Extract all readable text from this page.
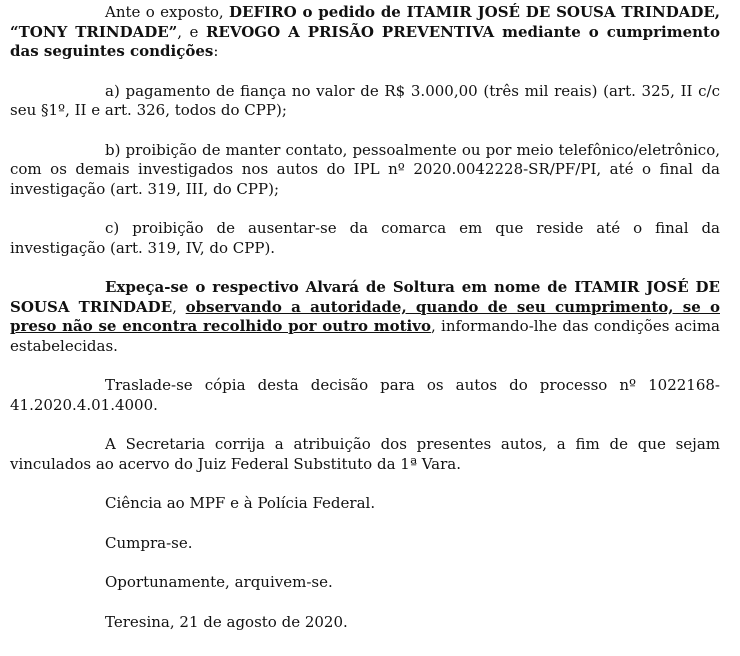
Ante o exposto, DEFIRO o pedido de ITAMIR JOSÉ DE SOUSA TRINDADE, “TONY TRINDADE”, e REVOGO A PRISÃO PREVENTIVA mediante o cumprimento das seguintes condições:

a) pagamento de fiança no valor de R$ 3.000,00 (três mil reais) (art. 325, II c/c seu §1º, II e art. 326, todos do CPP);

b) proibição de manter contato, pessoalmente ou por meio telefônico/eletrônico, com os demais investigados nos autos do IPL nº 2020.0042228-SR/PF/PI, até o final da investigação (art. 319, III, do CPP);

c) proibição de ausentar-se da comarca em que reside até o final da investigação (art. 319, IV, do CPP).

Expeça-se o respectivo Alvará de Soltura em nome de ITAMIR JOSÉ DE SOUSA TRINDADE, observando a autoridade, quando de seu cumprimento, se o preso não se encontra recolhido por outro motivo, informando-lhe das condições acima estabelecidas.

Traslade-se cópia desta decisão para os autos do processo nº 1022168-41.2020.4.01.4000.

A Secretaria corrija a atribuição dos presentes autos, a fim de que sejam vinculados ao acervo do Juiz Federal Substituto da 1ª Vara.

Ciência ao MPF e à Polícia Federal.

Cumpra-se.

Oportunamente, arquivem-se.

Teresina, 21 de agosto de 2020.
